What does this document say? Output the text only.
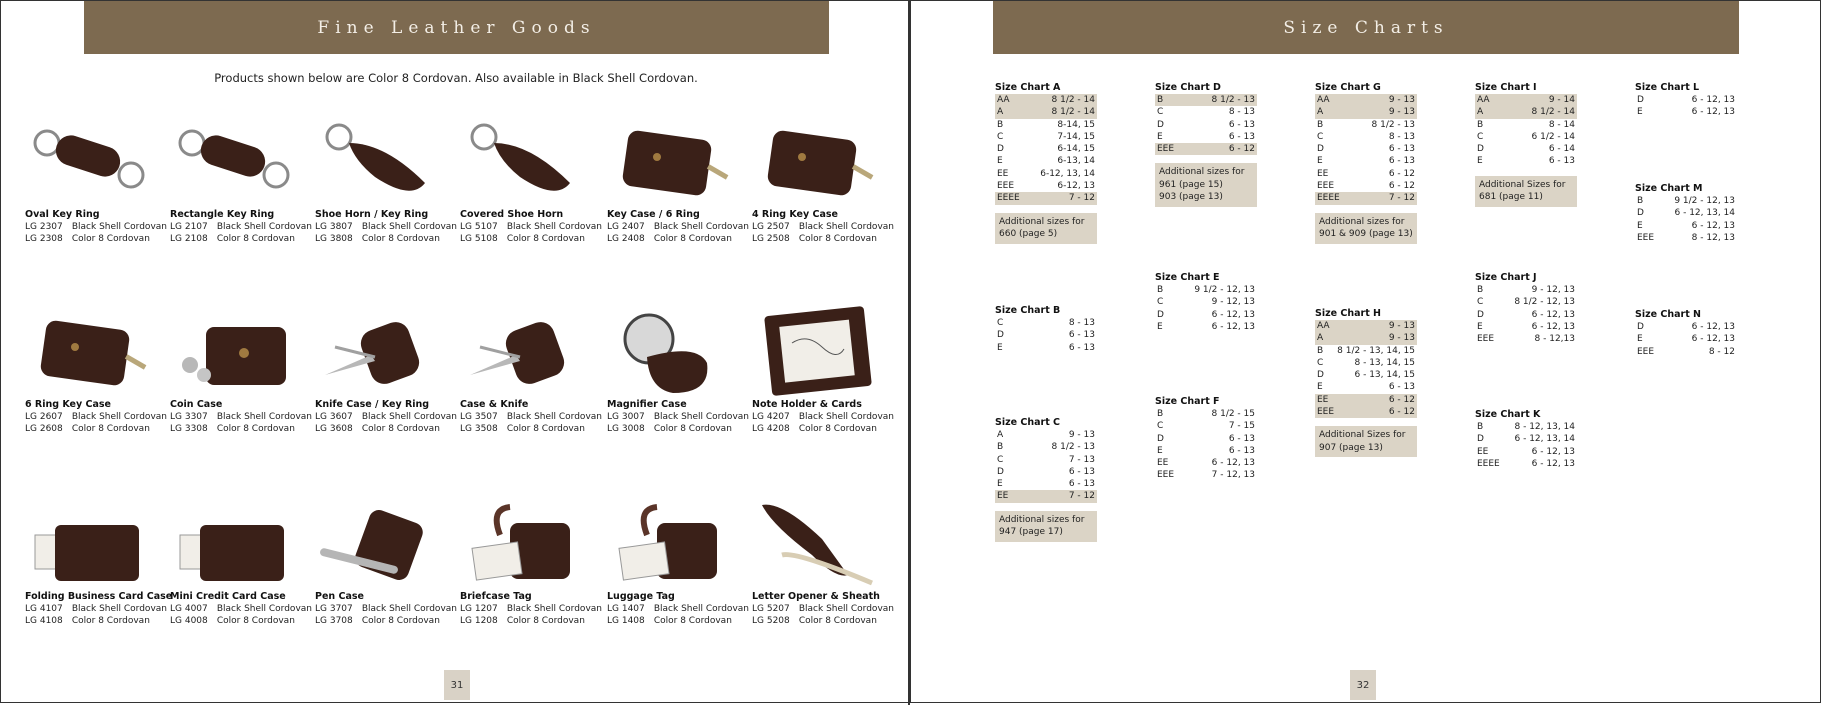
Fine Leather Goods
Products shown below are Color 8 Cordovan. Also available in Black Shell Cordovan.
Oval Key Ring
LG 2307 Black Shell Cordovan
LG 2308 Color 8 Cordovan
Rectangle Key Ring
LG 2107 Black Shell Cordovan
LG 2108 Color 8 Cordovan
Shoe Horn / Key Ring
LG 3807 Black Shell Cordovan
LG 3808 Color 8 Cordovan
Covered Shoe Horn
LG 5107 Black Shell Cordovan
LG 5108 Color 8 Cordovan
Key Case / 6 Ring
LG 2407 Black Shell Cordovan
LG 2408 Color 8 Cordovan
4 Ring Key Case
LG 2507 Black Shell Cordovan
LG 2508 Color 8 Cordovan
6 Ring Key Case
LG 2607 Black Shell Cordovan
LG 2608 Color 8 Cordovan
Coin Case
LG 3307 Black Shell Cordovan
LG 3308 Color 8 Cordovan
Knife Case / Key Ring
LG 3607 Black Shell Cordovan
LG 3608 Color 8 Cordovan
Case & Knife
LG 3507 Black Shell Cordovan
LG 3508 Color 8 Cordovan
Magnifier Case
LG 3007 Black Shell Cordovan
LG 3008 Color 8 Cordovan
Note Holder & Cards
LG 4207 Black Shell Cordovan
LG 4208 Color 8 Cordovan
Folding Business Card Case
LG 4107 Black Shell Cordovan
LG 4108 Color 8 Cordovan
Mini Credit Card Case
LG 4007 Black Shell Cordovan
LG 4008 Color 8 Cordovan
Pen Case
LG 3707 Black Shell Cordovan
LG 3708 Color 8 Cordovan
Briefcase Tag
LG 1207 Black Shell Cordovan
LG 1208 Color 8 Cordovan
Luggage Tag
LG 1407 Black Shell Cordovan
LG 1408 Color 8 Cordovan
Letter Opener & Sheath
LG 5207 Black Shell Cordovan
LG 5208 Color 8 Cordovan
31
Size Charts
Size Chart A
AA	8 1/2 - 14
A	8 1/2 - 14
B	8-14, 15
C	7-14, 15
D	6-14, 15
E	6-13, 14
EE	6-12, 13, 14
EEE	6-12, 13
EEEE	7 - 12
Additional sizes for
660 (page 5)
Size Chart B
C	8 - 13
D	6 - 13
E	6 - 13
Size Chart C
A	9 - 13
B	8 1/2 - 13
C	7 - 13
D	6 - 13
E	6 - 13
EE	7 - 12
Additional sizes for
947 (page 17)
Size Chart D
B	8 1/2 - 13
C	8 - 13
D	6 - 13
E	6 - 13
EEE	6 - 12
Additional sizes for
961 (page 15)
903 (page 13)
Size Chart E
B	9 1/2 - 12, 13
C	9 - 12, 13
D	6 - 12, 13
E	6 - 12, 13
Size Chart F
B	8 1/2 - 15
C	7 - 15
D	6 - 13
E	6 - 13
EE	6 - 12, 13
EEE	7 - 12, 13
Size Chart G
AA	9 - 13
A	9 - 13
B	8 1/2 - 13
C	8 - 13
D	6 - 13
E	6 - 13
EE	6 - 12
EEE	6 - 12
EEEE	7 - 12
Additional sizes for
901 & 909 (page 13)
Size Chart H
AA	9 - 13
A	9 - 13
B 8 1/2 - 13, 14, 15
C	8 - 13, 14, 15
D	6 - 13, 14, 15
E	6 - 13
EE	6 - 12
EEE	6 - 12
Additional Sizes for
907 (page 13)
Size Chart I
AA	9 - 14
A	8 1/2 - 14
B	8 - 14
C	6 1/2 - 14
D	6 - 14
E	6 - 13
Additional Sizes for
681 (page 11)
Size Chart J
B	9 - 12, 13
C	8 1/2 - 12, 13
D	6 - 12, 13
E	6 - 12, 13
EEE	8 - 12,13
Size Chart K
B	8 - 12, 13, 14
D	6 - 12, 13, 14
EE	6 - 12, 13
EEEE	6 - 12, 13
Size Chart L
D	6 - 12, 13
E	6 - 12, 13
Size Chart M
B	9 1/2 - 12, 13
D	6 - 12, 13, 14
E	6 - 12, 13
EEE	8 - 12, 13
Size Chart N
D	6 - 12, 13
E	6 - 12, 13
EEE	8 - 12
32
